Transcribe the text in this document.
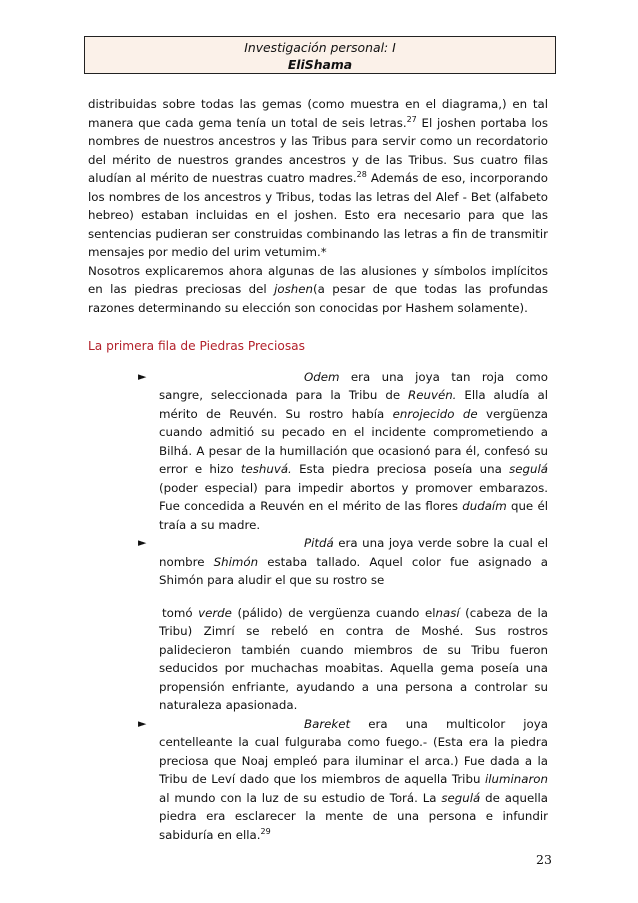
Investigación personal: I
EliShama

distribuidas sobre todas las gemas (como muestra en el diagrama,) en tal manera que cada gema tenía un total de seis letras.$^{27}$ El joshen portaba los nombres de nuestros ancestros y las Tribus para servir como un recordatorio del mérito de nuestros grandes ancestros y de las Tribus. Sus cuatro filas aludían al mérito de nuestras cuatro madres.$^{28}$ Además de eso, incorporando los nombres de los ancestros y Tribus, todas las letras del Alef - Bet (alfabeto hebreo) estaban incluidas en el joshen. Esto era necesario para que las sentencias pudieran ser construidas combinando las letras a fin de transmitir mensajes por medio del urim vetumim.*

Nosotros explicaremos ahora algunas de las alusiones y símbolos implícitos en las piedras preciosas del joshen(a pesar de que todas las profundas razones determinando su elección son conocidas por Hashem solamente).

La primera fila de Piedras Preciosas

►	Odem era una joya tan roja como sangre, seleccionada para la Tribu de Reuvén. Ella aludía al mérito de Reuvén. Su rostro había enrojecido de vergüenza cuando admitió su pecado en el incidente comprometiendo a Bilhá. A pesar de la humillación que ocasionó para él, confesó su error e hizo teshuvá. Esta piedra preciosa poseía una segulá (poder especial) para impedir abortos y promover embarazos. Fue concedida a Reuvén en el mérito de las flores dudaím que él traía a su madre.

►	Pitdá era una joya verde sobre la cual el nombre Shimón estaba tallado. Aquel color fue asignado a Shimón para aludir el que su rostro se

tomó verde (pálido) de vergüenza cuando elnasí (cabeza de la Tribu) Zimrí se rebeló en contra de Moshé. Sus rostros palidecieron también cuando miembros de su Tribu fueron seducidos por muchachas moabitas. Aquella gema poseía una propensión enfriante, ayudando a una persona a controlar su naturaleza apasionada.

►	Bareket era una multicolor joya centelleante la cual fulguraba como fuego.- (Esta era la piedra preciosa que Noaj empleó para iluminar el arca.) Fue dada a la Tribu de Leví dado que los miembros de aquella Tribu iluminaron al mundo con la luz de su estudio de Torá. La segulá de aquella piedra era esclarecer la mente de una persona e infundir sabiduría en ella.$^{29}$

23
